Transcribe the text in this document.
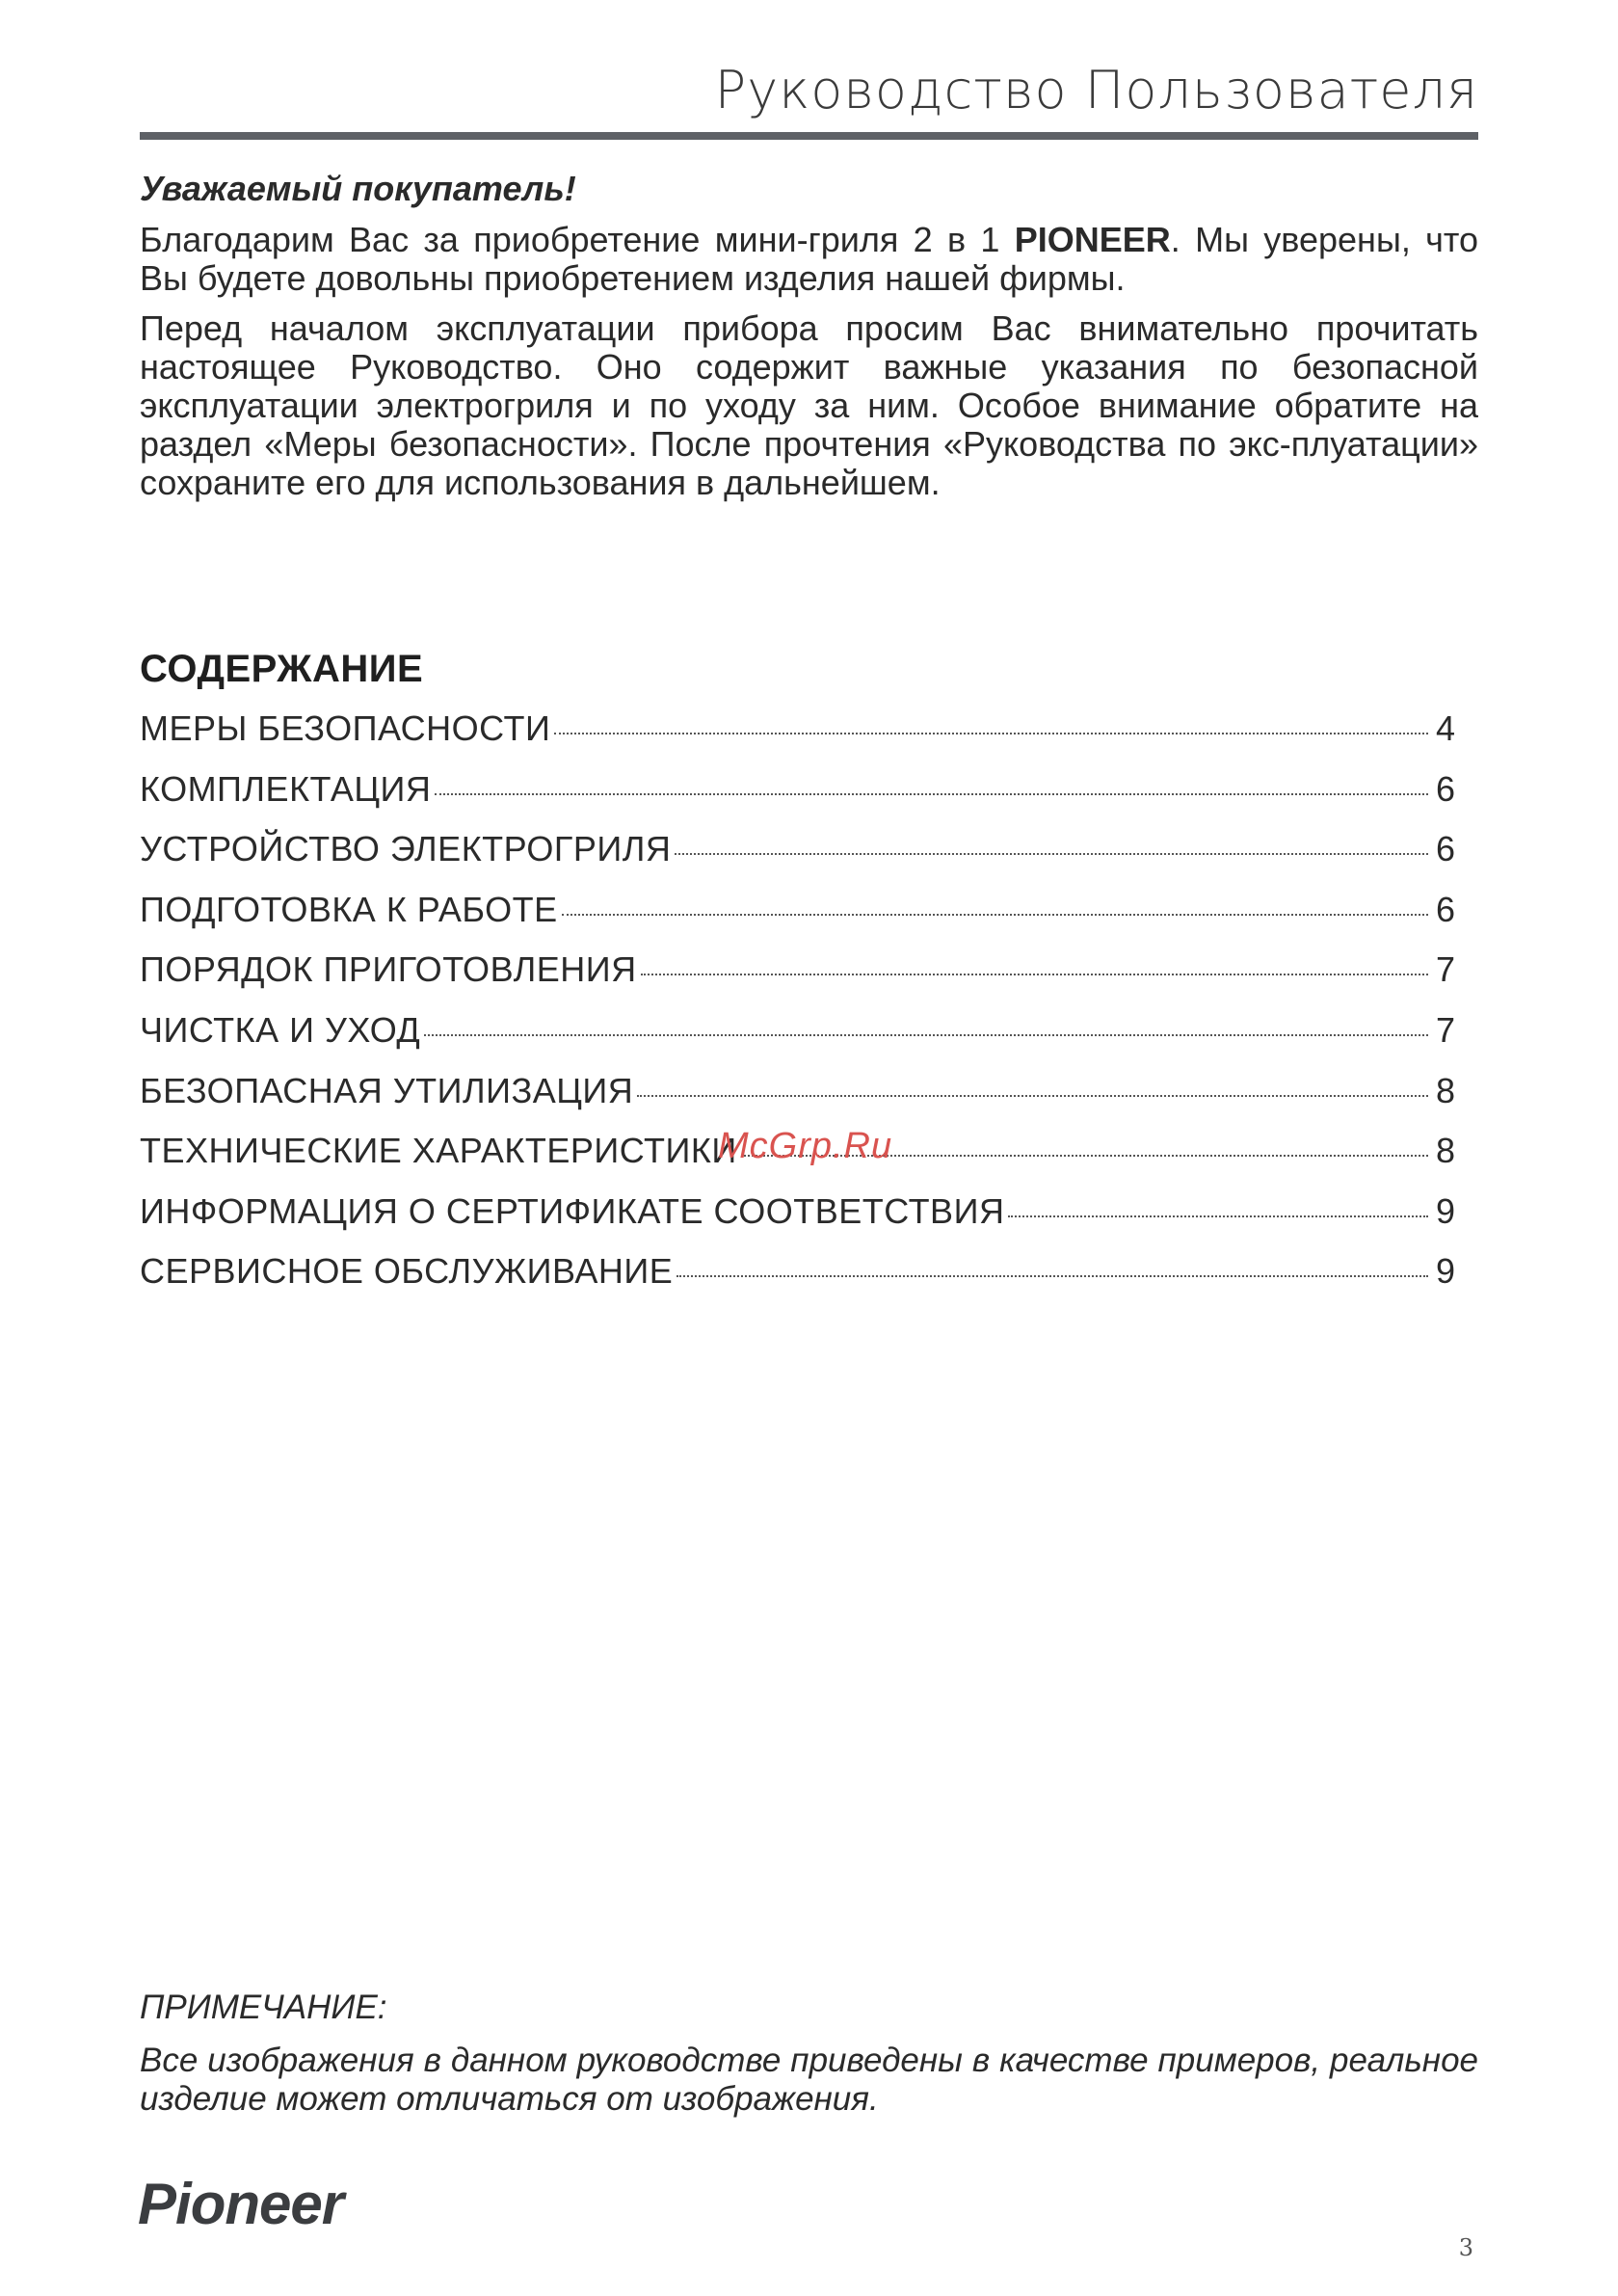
Руководство Пользователя
Уважаемый покупатель!
Благодарим Вас за приобретение мини-гриля 2 в 1 PIONEER. Мы уверены, что Вы будете довольны приобретением изделия нашей фирмы.
Перед началом эксплуатации прибора просим Вас внимательно прочитать настоящее Руководство. Оно содержит важные указания по безопасной эксплуатации электрогриля и по уходу за ним. Особое внимание обратите на раздел «Меры безопасности». После прочтения «Руководства по экс-плуатации» сохраните его для использования в дальнейшем.
СОДЕРЖАНИЕ
МЕРЫ БЕЗОПАСНОСТИ	4
КОМПЛЕКТАЦИЯ	6
УСТРОЙСТВО ЭЛЕКТРОГРИЛЯ	6
ПОДГОТОВКА К РАБОТЕ	6
ПОРЯДОК ПРИГОТОВЛЕНИЯ	7
ЧИСТКА И УХОД	7
БЕЗОПАСНАЯ УТИЛИЗАЦИЯ	8
ТЕХНИЧЕСКИЕ ХАРАКТЕРИСТИКИ	8
ИНФОРМАЦИЯ О СЕРТИФИКАТЕ СООТВЕТСТВИЯ	9
СЕРВИСНОЕ ОБСЛУЖИВАНИЕ	9
McGrp.Ru
ПРИМЕЧАНИЕ:
Все изображения в данном руководстве приведены в качестве примеров, реальное изделие может отличаться от изображения.
Pioneer
3
